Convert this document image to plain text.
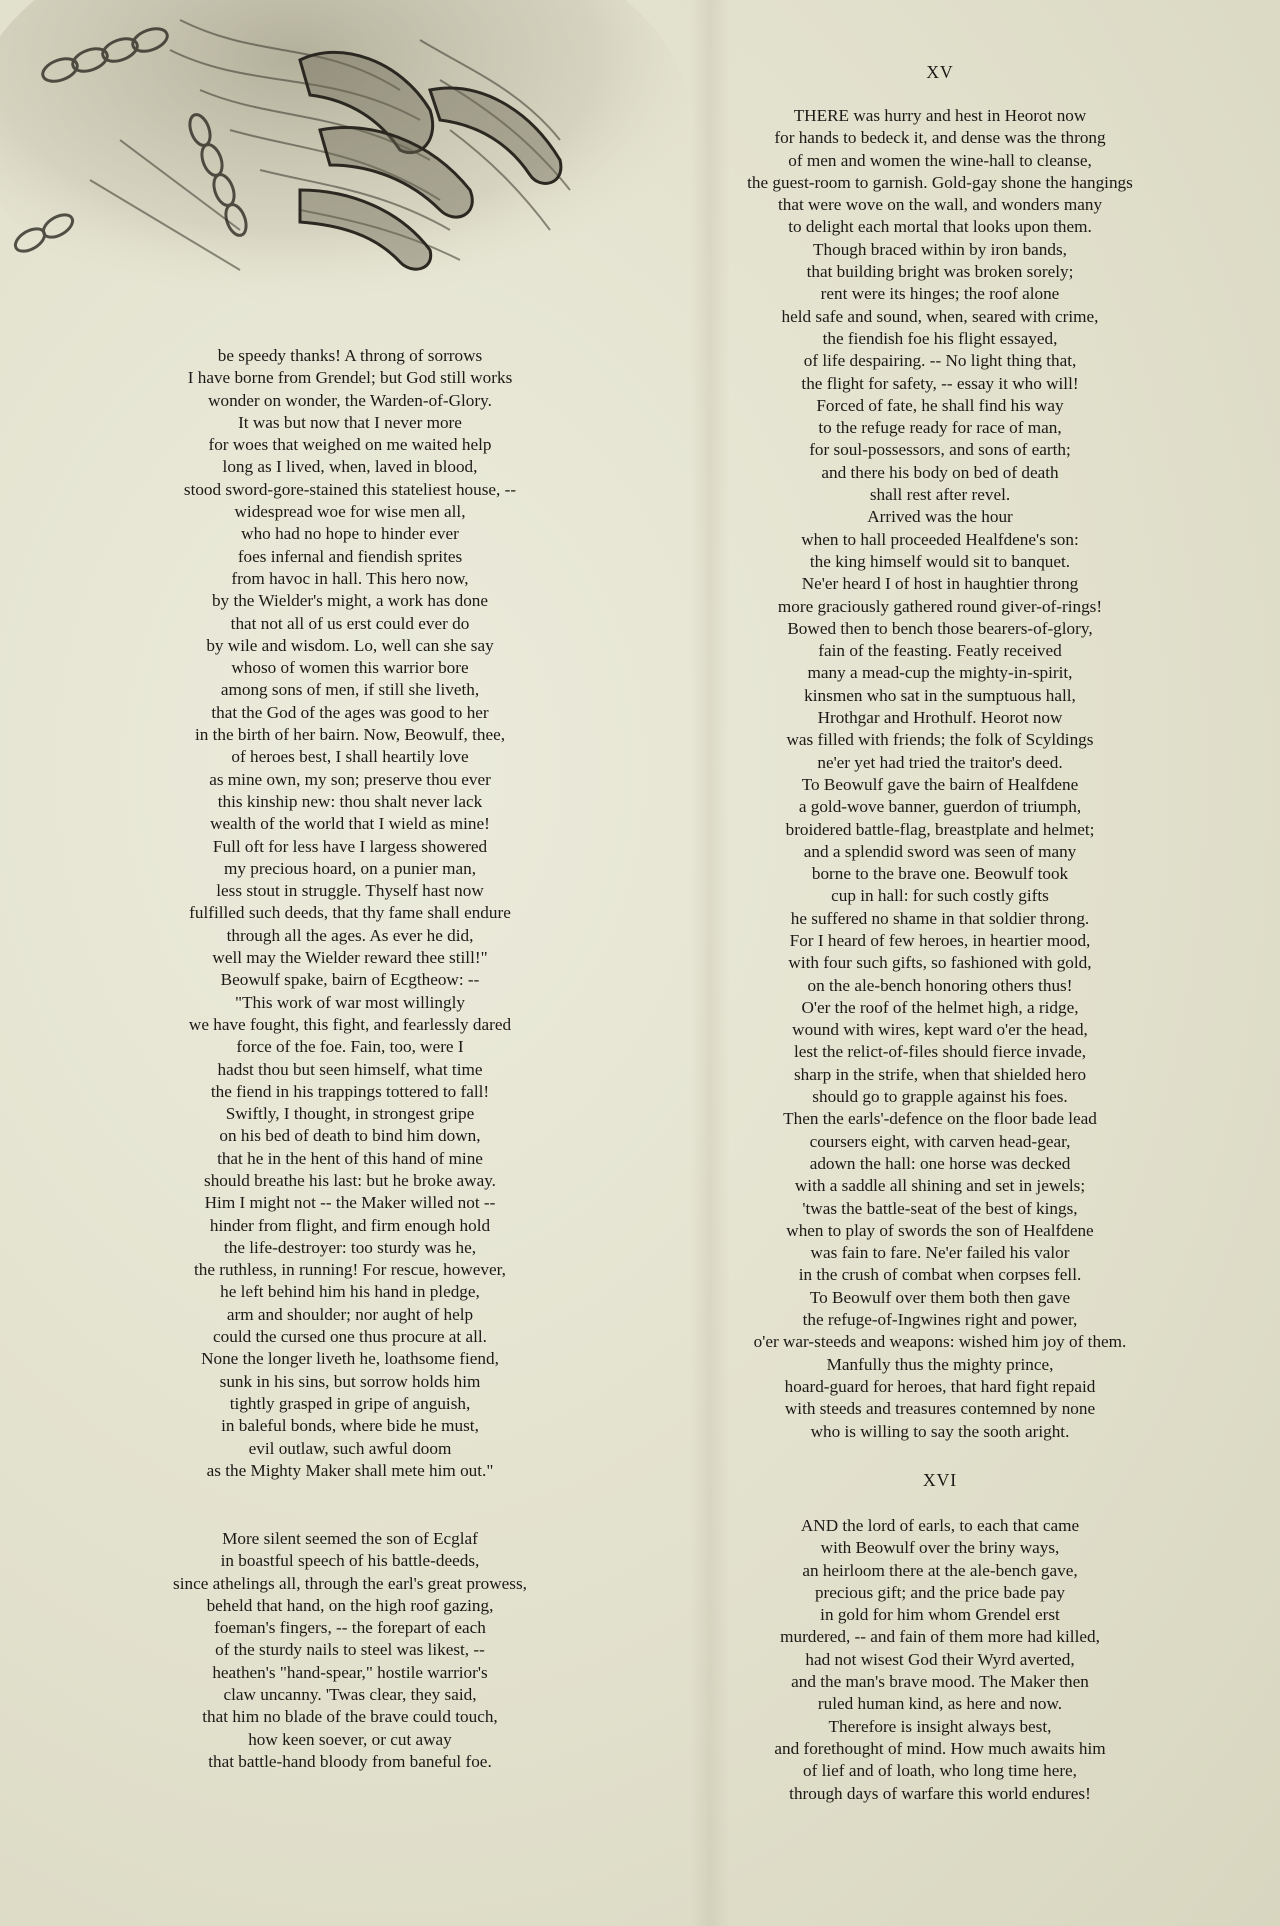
XV
XVI
be speedy thanks! A throng of sorrows
I have borne from Grendel; but God still works
wonder on wonder, the Warden-of-Glory.
It was but now that I never more
for woes that weighed on me waited help
long as I lived, when, laved in blood,
stood sword-gore-stained this stateliest house, --
widespread woe for wise men all,
who had no hope to hinder ever
foes infernal and fiendish sprites
from havoc in hall. This hero now,
by the Wielder's might, a work has done
that not all of us erst could ever do
by wile and wisdom. Lo, well can she say
whoso of women this warrior bore
among sons of men, if still she liveth,
that the God of the ages was good to her
in the birth of her bairn. Now, Beowulf, thee,
of heroes best, I shall heartily love
as mine own, my son; preserve thou ever
this kinship new: thou shalt never lack
wealth of the world that I wield as mine!
Full oft for less have I largess showered
my precious hoard, on a punier man,
less stout in struggle. Thyself hast now
fulfilled such deeds, that thy fame shall endure
through all the ages. As ever he did,
well may the Wielder reward thee still!"
Beowulf spake, bairn of Ecgtheow: --
"This work of war most willingly
we have fought, this fight, and fearlessly dared
force of the foe. Fain, too, were I
hadst thou but seen himself, what time
the fiend in his trappings tottered to fall!
Swiftly, I thought, in strongest gripe
on his bed of death to bind him down,
that he in the hent of this hand of mine
should breathe his last: but he broke away.
Him I might not -- the Maker willed not --
hinder from flight, and firm enough hold
the life-destroyer: too sturdy was he,
the ruthless, in running! For rescue, however,
he left behind him his hand in pledge,
arm and shoulder; nor aught of help
could the cursed one thus procure at all.
None the longer liveth he, loathsome fiend,
sunk in his sins, but sorrow holds him
tightly grasped in gripe of anguish,
in baleful bonds, where bide he must,
evil outlaw, such awful doom
as the Mighty Maker shall mete him out."
More silent seemed the son of Ecglaf
in boastful speech of his battle-deeds,
since athelings all, through the earl's great prowess,
beheld that hand, on the high roof gazing,
foeman's fingers, -- the forepart of each
of the sturdy nails to steel was likest, --
heathen's "hand-spear," hostile warrior's
claw uncanny. 'Twas clear, they said,
that him no blade of the brave could touch,
how keen soever, or cut away
that battle-hand bloody from baneful foe.
THERE was hurry and hest in Heorot now
for hands to bedeck it, and dense was the throng
of men and women the wine-hall to cleanse,
the guest-room to garnish. Gold-gay shone the hangings
that were wove on the wall, and wonders many
to delight each mortal that looks upon them.
Though braced within by iron bands,
that building bright was broken sorely;
rent were its hinges; the roof alone
held safe and sound, when, seared with crime,
the fiendish foe his flight essayed,
of life despairing. -- No light thing that,
the flight for safety, -- essay it who will!
Forced of fate, he shall find his way
to the refuge ready for race of man,
for soul-possessors, and sons of earth;
and there his body on bed of death
shall rest after revel.
Arrived was the hour
when to hall proceeded Healfdene's son:
the king himself would sit to banquet.
Ne'er heard I of host in haughtier throng
more graciously gathered round giver-of-rings!
Bowed then to bench those bearers-of-glory,
fain of the feasting. Featly received
many a mead-cup the mighty-in-spirit,
kinsmen who sat in the sumptuous hall,
Hrothgar and Hrothulf. Heorot now
was filled with friends; the folk of Scyldings
ne'er yet had tried the traitor's deed.
To Beowulf gave the bairn of Healfdene
a gold-wove banner, guerdon of triumph,
broidered battle-flag, breastplate and helmet;
and a splendid sword was seen of many
borne to the brave one. Beowulf took
cup in hall: for such costly gifts
he suffered no shame in that soldier throng.
For I heard of few heroes, in heartier mood,
with four such gifts, so fashioned with gold,
on the ale-bench honoring others thus!
O'er the roof of the helmet high, a ridge,
wound with wires, kept ward o'er the head,
lest the relict-of-files should fierce invade,
sharp in the strife, when that shielded hero
should go to grapple against his foes.
Then the earls'-defence on the floor bade lead
coursers eight, with carven head-gear,
adown the hall: one horse was decked
with a saddle all shining and set in jewels;
'twas the battle-seat of the best of kings,
when to play of swords the son of Healfdene
was fain to fare. Ne'er failed his valor
in the crush of combat when corpses fell.
To Beowulf over them both then gave
the refuge-of-Ingwines right and power,
o'er war-steeds and weapons: wished him joy of them.
Manfully thus the mighty prince,
hoard-guard for heroes, that hard fight repaid
with steeds and treasures contemned by none
who is willing to say the sooth aright.
AND the lord of earls, to each that came
with Beowulf over the briny ways,
an heirloom there at the ale-bench gave,
precious gift; and the price bade pay
in gold for him whom Grendel erst
murdered, -- and fain of them more had killed,
had not wisest God their Wyrd averted,
and the man's brave mood. The Maker then
ruled human kind, as here and now.
Therefore is insight always best,
and forethought of mind. How much awaits him
of lief and of loath, who long time here,
through days of warfare this world endures!
